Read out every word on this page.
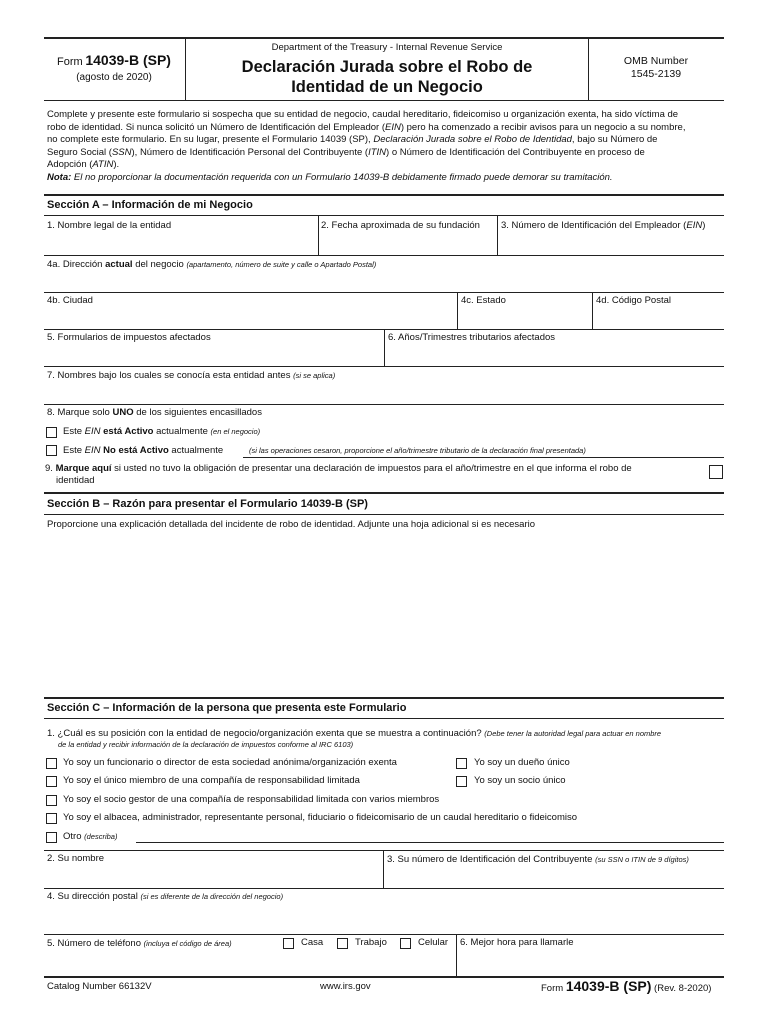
Form 14039-B (SP)
(agosto de 2020)
Department of the Treasury - Internal Revenue Service
Declaración Jurada sobre el Robo de
Identidad de un Negocio
OMB Number
1545-2139
Complete y presente este formulario si sospecha que su entidad de negocio, caudal hereditario, fideicomiso u organización exenta, ha sido víctima de
robo de identidad. Si nunca solicitó un Número de Identificación del Empleador (EIN) pero ha comenzado a recibir avisos para un negocio a su nombre,
no complete este formulario. En su lugar, presente el Formulario 14039 (SP), Declaración Jurada sobre el Robo de Identidad, bajo su Número de
Seguro Social (SSN), Número de Identificación Personal del Contribuyente (ITIN) o Número de Identificación del Contribuyente en proceso de
Adopción (ATIN).
Nota: El no proporcionar la documentación requerida con un Formulario 14039-B debidamente firmado puede demorar su tramitación.
Sección A – Información de mi Negocio
1. Nombre legal de la entidad	2. Fecha aproximada de su fundación 3. Número de Identificación del Empleador (EIN)
4a. Dirección actual del negocio (apartamento, número de suite y calle o Apartado Postal)
4b. Ciudad	4c. Estado	4d. Código Postal
5. Formularios de impuestos afectados	6. Años/Trimestres tributarios afectados
7. Nombres bajo los cuales se conocía esta entidad antes (si se aplica)
8. Marque solo UNO de los siguientes encasillados
Este EIN está Activo actualmente (en el negocio)
Este EIN No está Activo actualmente	(si las operaciones cesaron, proporcione el año/trimestre tributario de la declaración final presentada)
9. Marque aquí si usted no tuvo la obligación de presentar una declaración de impuestos para el año/trimestre en el que informa el robo de
identidad
Sección B – Razón para presentar el Formulario 14039-B (SP)
Proporcione una explicación detallada del incidente de robo de identidad. Adjunte una hoja adicional si es necesario
Sección C – Información de la persona que presenta este Formulario
1. ¿Cuál es su posición con la entidad de negocio/organización exenta que se muestra a continuación? (Debe tener la autoridad legal para actuar en nombre
de la entidad y recibir información de la declaración de impuestos conforme al IRC 6103)
Yo soy un funcionario o director de esta sociedad anónima/organización exenta	Yo soy un dueño único
Yo soy el único miembro de una compañía de responsabilidad limitada	Yo soy un socio único
Yo soy el socio gestor de una compañía de responsabilidad limitada con varios miembros
Yo soy el albacea, administrador, representante personal, fiduciario o fideicomisario de un caudal hereditario o fideicomiso
Otro (describa)
2. Su nombre	3. Su número de Identificación del Contribuyente (su SSN o ITIN de 9 dígitos)
4. Su dirección postal (si es diferente de la dirección del negocio)
5. Número de teléfono (incluya el código de área)	Casa	Trabajo	Celular 6. Mejor hora para llamarle
Catalog Number 66132V	www.irs.gov	Form 14039-B (SP) (Rev. 8-2020)
